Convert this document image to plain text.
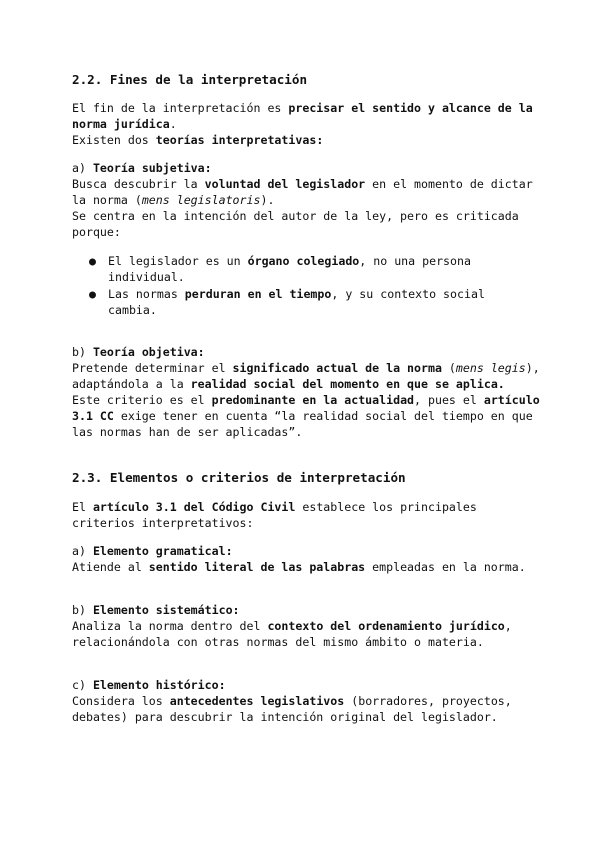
2.2. Fines de la interpretación
El fin de la interpretación es precisar el sentido y alcance de la norma jurídica.
Existen dos teorías interpretativas:
a) Teoría subjetiva:
Busca descubrir la voluntad del legislador en el momento de dictar la norma (mens legislatoris).
Se centra en la intención del autor de la ley, pero es criticada porque:
● El legislador es un órgano colegiado, no una persona individual.
● Las normas perduran en el tiempo, y su contexto social cambia.
b) Teoría objetiva:
Pretende determinar el significado actual de la norma (mens legis), adaptándola a la realidad social del momento en que se aplica.
Este criterio es el predominante en la actualidad, pues el artículo 3.1 CC exige tener en cuenta “la realidad social del tiempo en que las normas han de ser aplicadas”.
2.3. Elementos o criterios de interpretación
El artículo 3.1 del Código Civil establece los principales criterios interpretativos:
a) Elemento gramatical:
Atiende al sentido literal de las palabras empleadas en la norma.
b) Elemento sistemático:
Analiza la norma dentro del contexto del ordenamiento jurídico, relacionándola con otras normas del mismo ámbito o materia.
c) Elemento histórico:
Considera los antecedentes legislativos (borradores, proyectos, debates) para descubrir la intención original del legislador.
